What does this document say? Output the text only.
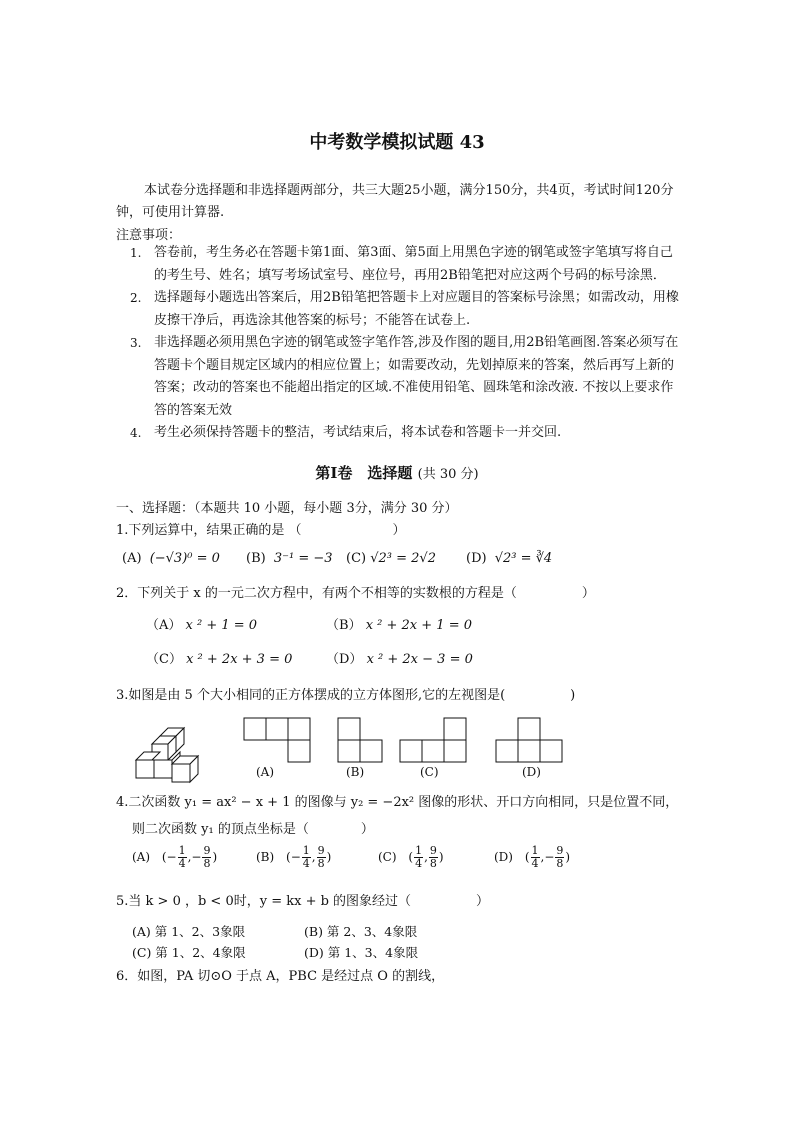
中考数学模拟试题 43
本试卷分选择题和非选择题两部分，共三大题25小题，满分150分，共4页，考试时间120分钟，可使用计算器.
注意事项：
1. 答卷前，考生务必在答题卡第1面、第3面、第5面上用黑色字迹的钢笔或签字笔填写将自己的考生号、姓名；填写考场试室号、座位号，再用2B铅笔把对应这两个号码的标号涂黑．
2. 选择题每小题选出答案后，用2B铅笔把答题卡上对应题目的答案标号涂黑；如需改动，用橡皮擦干净后，再选涂其他答案的标号；不能答在试卷上.
3. 非选择题必须用黑色字迹的钢笔或签字笔作答,涉及作图的题目,用2B铅笔画图.答案必须写在答题卡个题目规定区域内的相应位置上；如需要改动，先划掉原来的答案，然后再写上新的答案；改动的答案也不能超出指定的区域.不准使用铅笔、圆珠笔和涂改液. 不按以上要求作答的答案无效
4. 考生必须保持答题卡的整洁，考试结束后，将本试卷和答题卡一并交回.
第Ⅰ卷　选择题 (共 30 分)
一、选择题：（本题共 10 小题，每小题 3分，满分 30 分）
1.下列运算中，结果正确的是 （　　　　　　　）
(A) (−√3)⁰ = 0 (B) 3⁻¹ = −3 (C) √2³ = 2√2 (D) √2³ = ∛4
2．下列关于 x 的一元二次方程中，有两个不相等的实数根的方程是（　　　　　）
（A） x ² + 1 = 0	（B） x ² + 2x + 1 = 0
（C） x ² + 2x + 3 = 0	（D） x ² + 2x − 3 = 0
3.如图是由 5 个大小相同的正方体摆成的立方体图形,它的左视图是(　　　　　)
(A)	(B)	(C)	(D)
4.二次函数 y₁ = ax² − x + 1 的图像与 y₂ = −2x² 图像的形状、开口方向相同，只是位置不同，
则二次函数 y₁ 的顶点坐标是（　　　　）
(A) (− $\frac{1}{4}$ ,− $\frac{9}{8}$ )	(B) (− $\frac{1}{4}$ , $\frac{9}{8}$ )	(C) ( $\frac{1}{4}$ , $\frac{9}{8}$ )	(D) ( $\frac{1}{4}$ ,− $\frac{9}{8}$ )
5.当 k > 0 ，b < 0时，y = kx + b 的图象经过（　　　　　）
(A) 第 1、2、3象限	(B) 第 2、3、4象限
(C) 第 1、2、4象限	(D) 第 1、3、4象限
6．如图，PA 切⊙O 于点 A，PBC 是经过点 O 的割线，
